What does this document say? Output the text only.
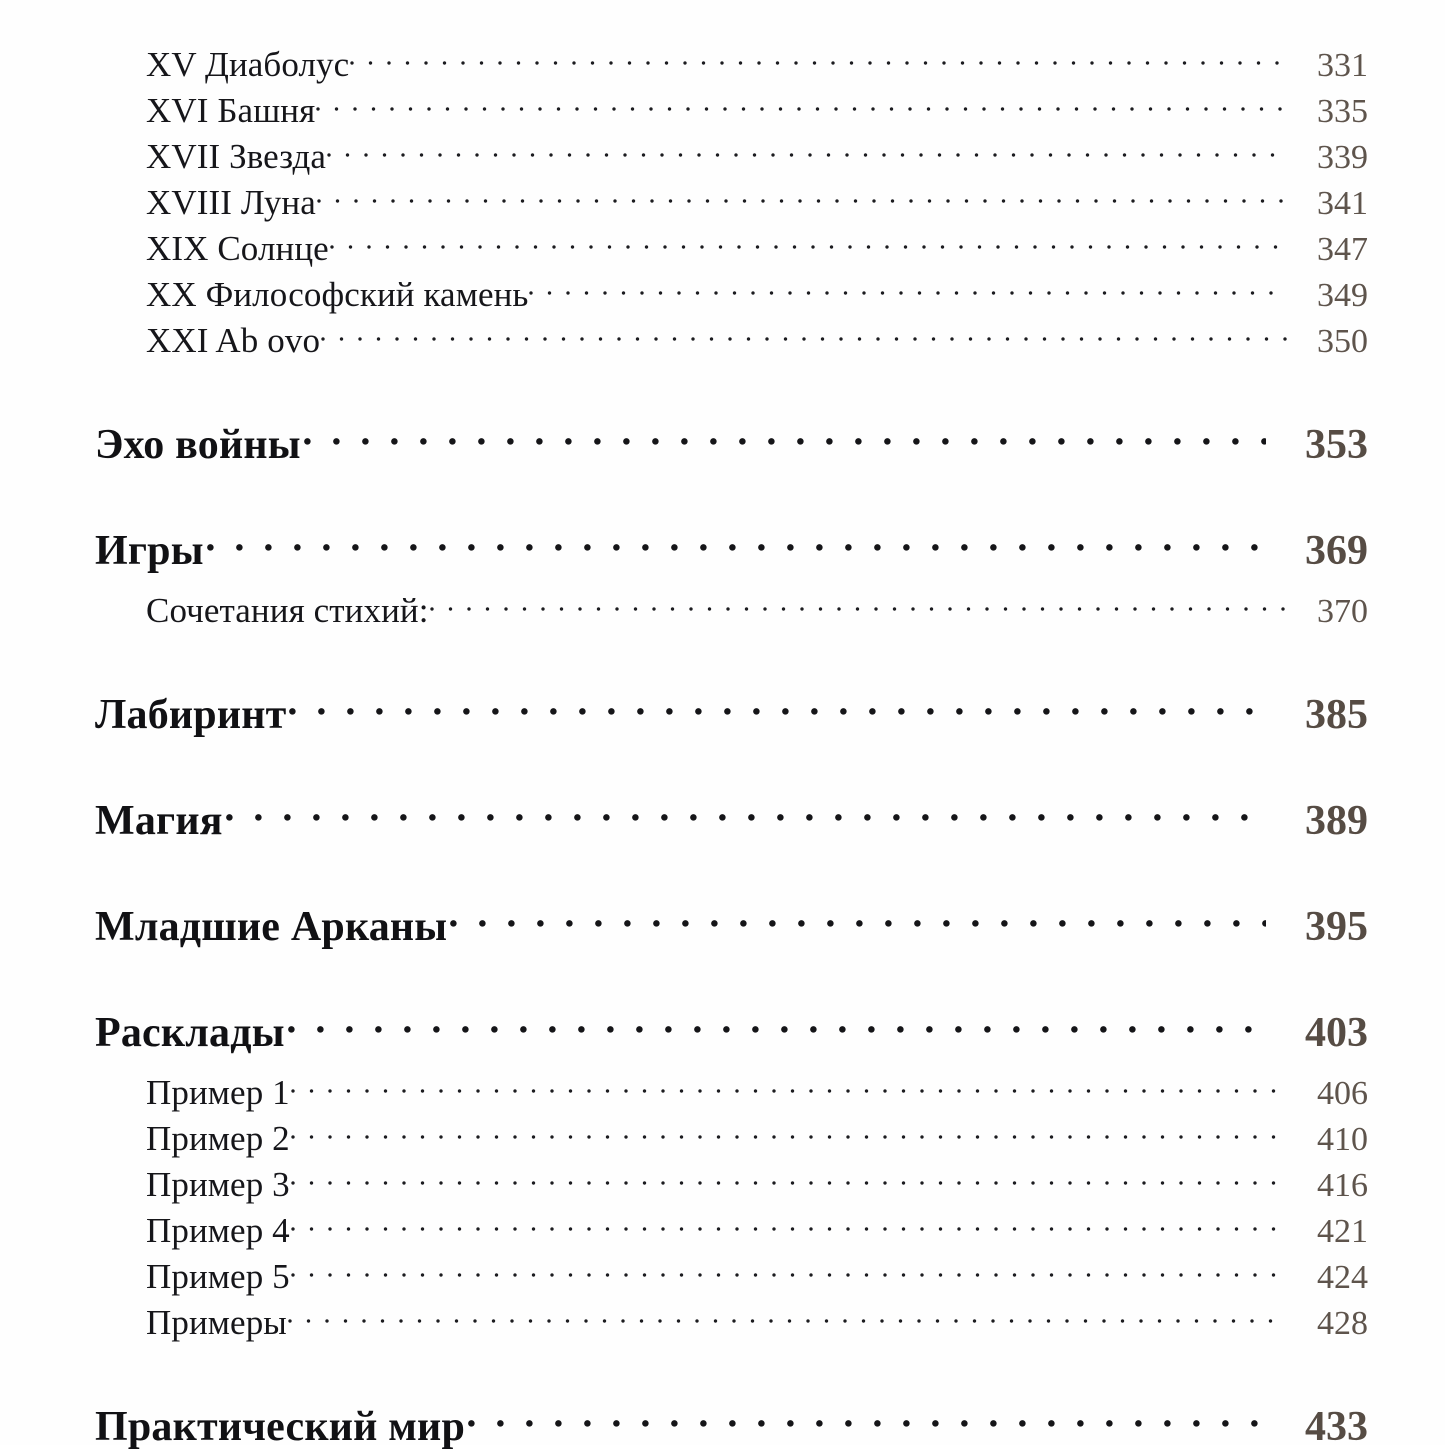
XV Диаболус	331
XVI Башня	335
XVII Звезда	339
XVIII Луна	341
XIX Солнце	347
XX Философский камень	349
XXI Ab ovo	350
Эхо войны	353
Игры	369
Сочетания стихий:	370
Лабиринт	385
Магия	389
Младшие Арканы	395
Расклады	403
Пример 1	406
Пример 2	410
Пример 3	416
Пример 4	421
Пример 5	424
Примеры	428
Практический мир	433
